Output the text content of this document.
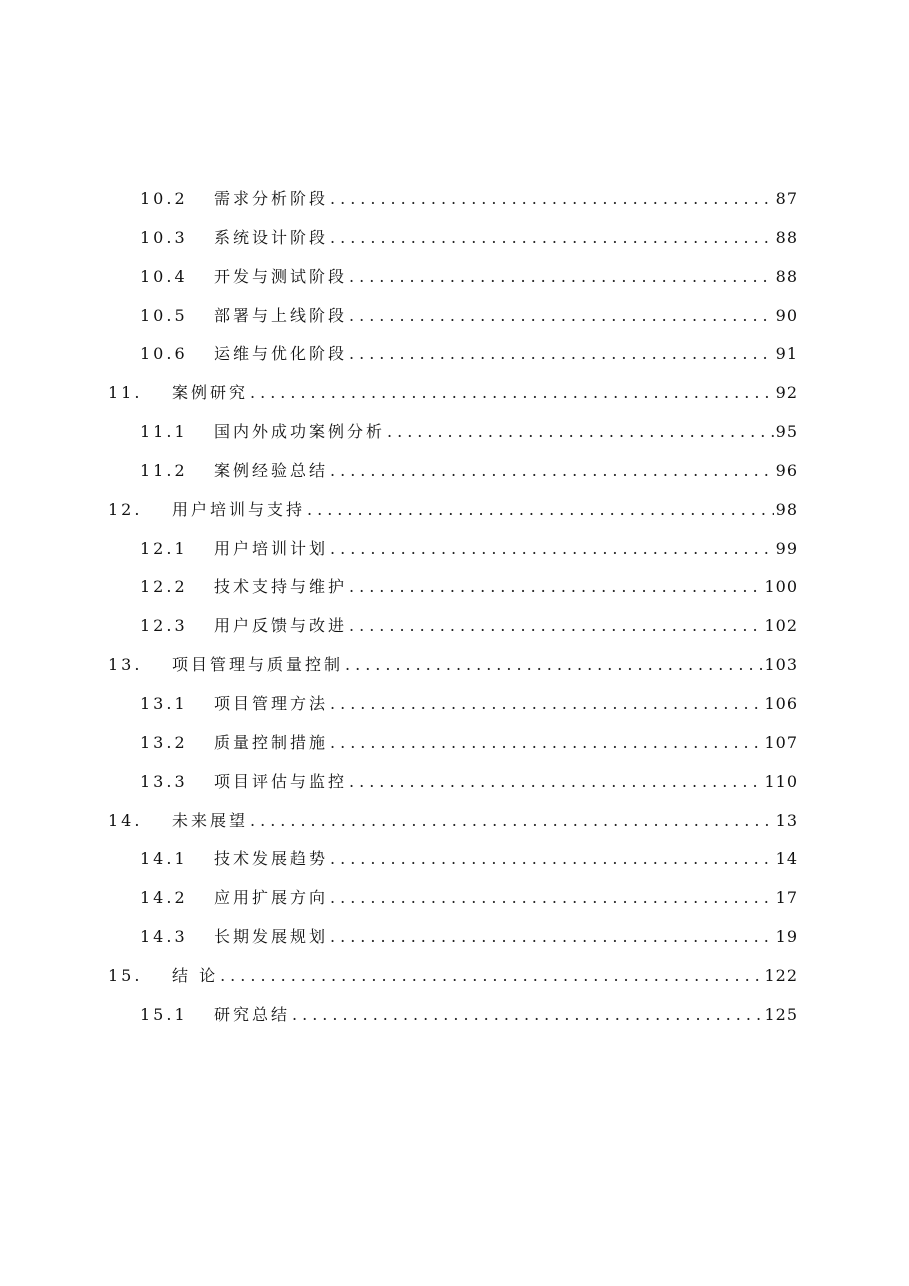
10.2 需求分析阶段 .....	87
10.3 系统设计阶段 .....	88
10.4 开发与测试阶段 .....	88
10.5 部署与上线阶段 .....	90
10.6 运维与优化阶段 .....	91
11. 案例研究 .....	92
11.1 国内外成功案例分析 .....	95
11.2 案例经验总结 .....	96
12. 用户培训与支持 .....	98
12.1 用户培训计划 .....	99
12.2 技术支持与维护 .....	100
12.3 用户反馈与改进 .....	102
13. 项目管理与质量控制 .....	103
13.1 项目管理方法 .....	106
13.2 质量控制措施 .....	107
13.3 项目评估与监控 .....	110
14. 未来展望 .....	13
14.1 技术发展趋势 .....	14
14.2 应用扩展方向 .....	17
14.3 长期发展规划 .....	19
15. 结 论 .....	122
15.1 研究总结 .....	125
